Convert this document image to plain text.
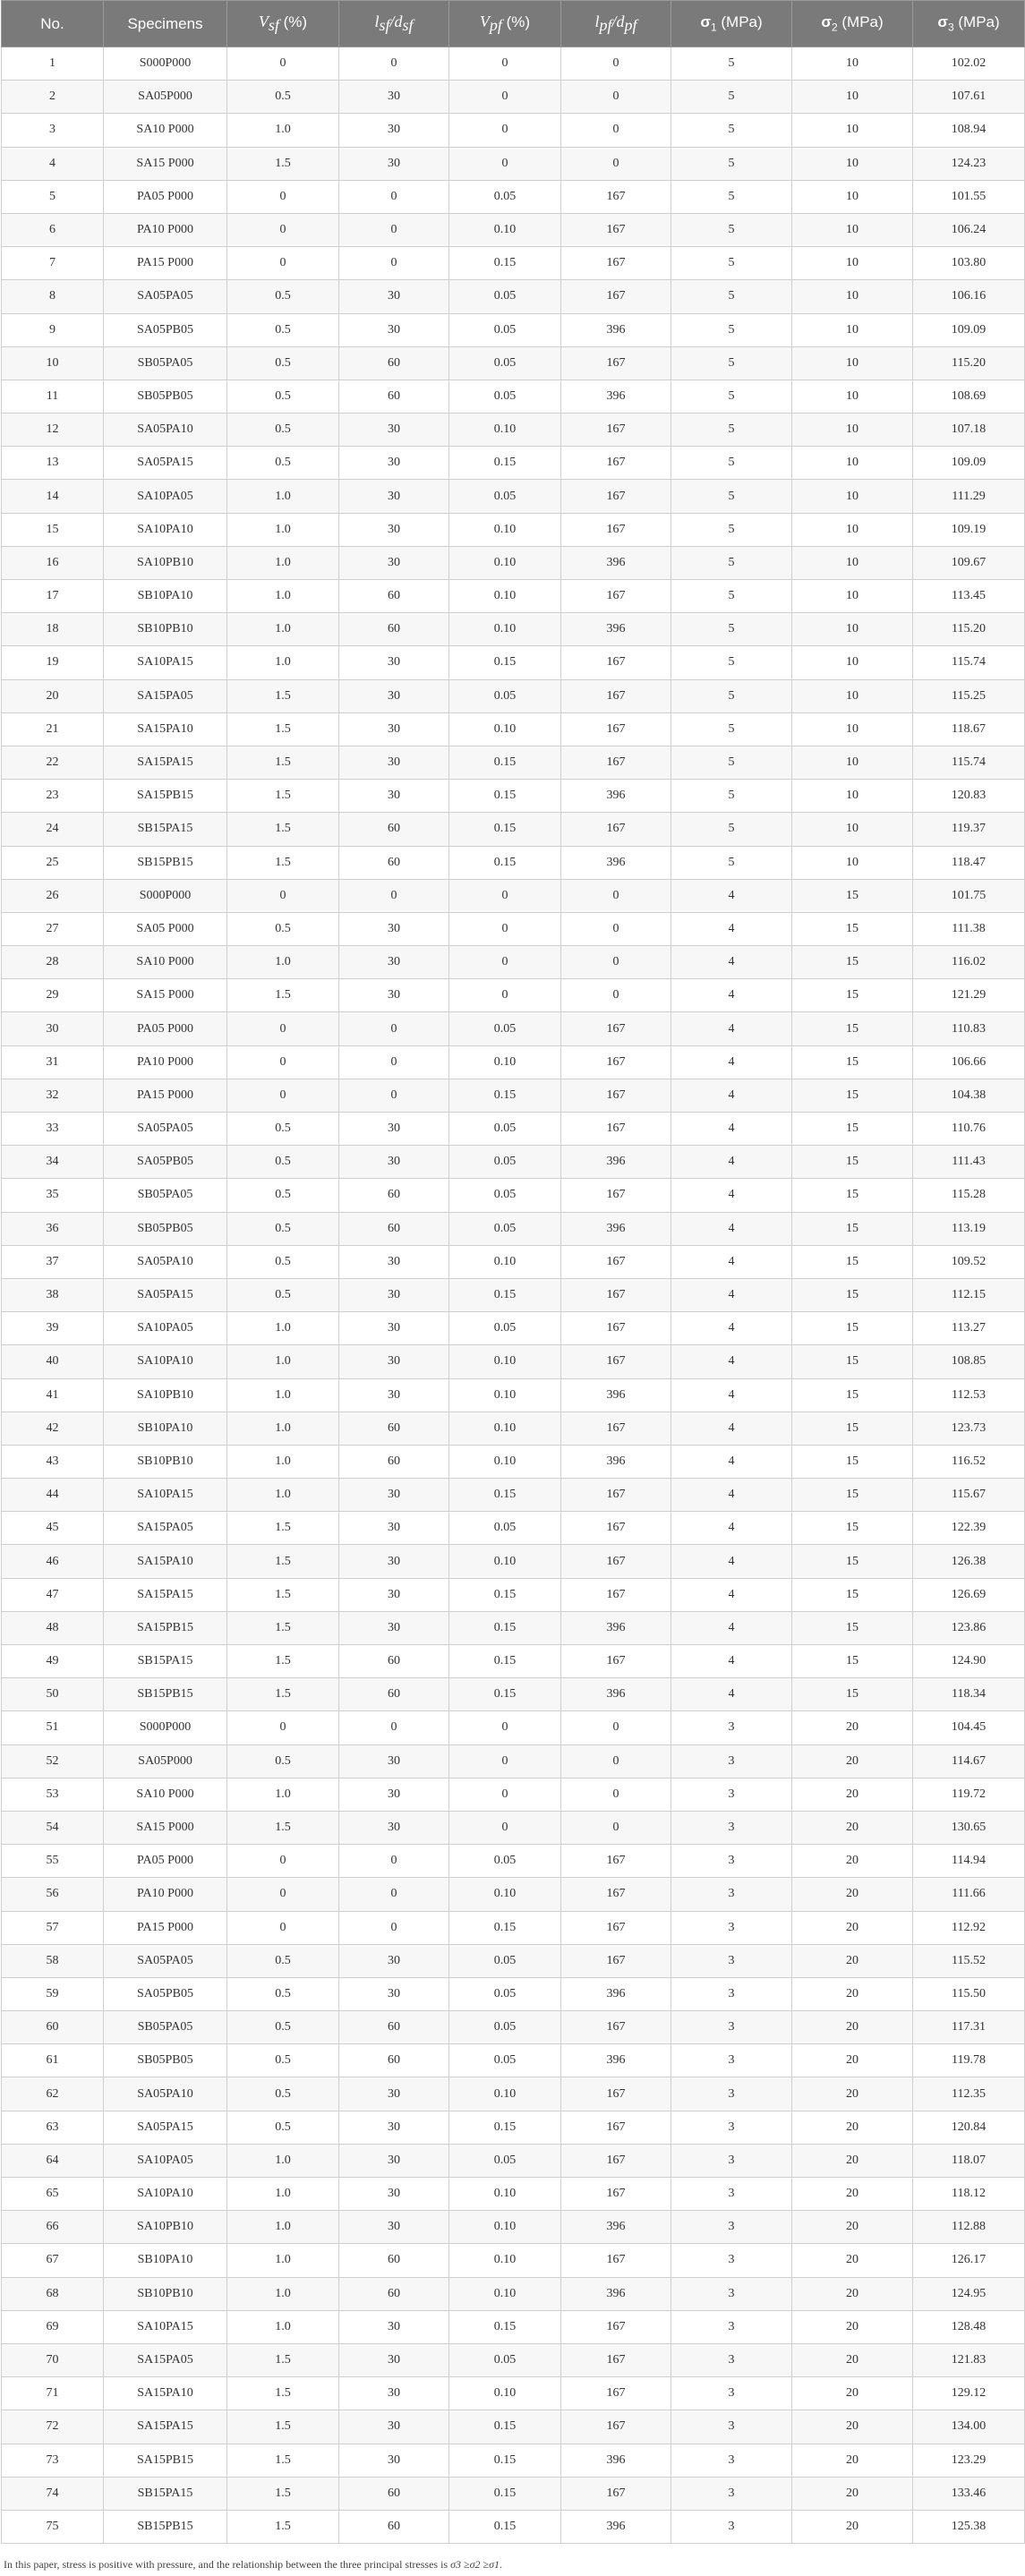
No.	Specimens	$V_{sf}$ (%)	$l_{sf}/d_{sf}$	$V_{pf}$ (%)	$l_{pf}/d_{pf}$	$\sigma_1$ (MPa)	$\sigma_2$ (MPa)	$\sigma_3$ (MPa)
1	S000P000	0	0	0	0	5	10	102.02
2	SA05P000	0.5	30	0	0	5	10	107.61
3	SA10 P000	1.0	30	0	0	5	10	108.94
4	SA15 P000	1.5	30	0	0	5	10	124.23
5	PA05 P000	0	0	0.05	167	5	10	101.55
6	PA10 P000	0	0	0.10	167	5	10	106.24
7	PA15 P000	0	0	0.15	167	5	10	103.80
8	SA05PA05	0.5	30	0.05	167	5	10	106.16
9	SA05PB05	0.5	30	0.05	396	5	10	109.09
10	SB05PA05	0.5	60	0.05	167	5	10	115.20
11	SB05PB05	0.5	60	0.05	396	5	10	108.69
12	SA05PA10	0.5	30	0.10	167	5	10	107.18
13	SA05PA15	0.5	30	0.15	167	5	10	109.09
14	SA10PA05	1.0	30	0.05	167	5	10	111.29
15	SA10PA10	1.0	30	0.10	167	5	10	109.19
16	SA10PB10	1.0	30	0.10	396	5	10	109.67
17	SB10PA10	1.0	60	0.10	167	5	10	113.45
18	SB10PB10	1.0	60	0.10	396	5	10	115.20
19	SA10PA15	1.0	30	0.15	167	5	10	115.74
20	SA15PA05	1.5	30	0.05	167	5	10	115.25
21	SA15PA10	1.5	30	0.10	167	5	10	118.67
22	SA15PA15	1.5	30	0.15	167	5	10	115.74
23	SA15PB15	1.5	30	0.15	396	5	10	120.83
24	SB15PA15	1.5	60	0.15	167	5	10	119.37
25	SB15PB15	1.5	60	0.15	396	5	10	118.47
26	S000P000	0	0	0	0	4	15	101.75
27	SA05 P000	0.5	30	0	0	4	15	111.38
28	SA10 P000	1.0	30	0	0	4	15	116.02
29	SA15 P000	1.5	30	0	0	4	15	121.29
30	PA05 P000	0	0	0.05	167	4	15	110.83
31	PA10 P000	0	0	0.10	167	4	15	106.66
32	PA15 P000	0	0	0.15	167	4	15	104.38
33	SA05PA05	0.5	30	0.05	167	4	15	110.76
34	SA05PB05	0.5	30	0.05	396	4	15	111.43
35	SB05PA05	0.5	60	0.05	167	4	15	115.28
36	SB05PB05	0.5	60	0.05	396	4	15	113.19
37	SA05PA10	0.5	30	0.10	167	4	15	109.52
38	SA05PA15	0.5	30	0.15	167	4	15	112.15
39	SA10PA05	1.0	30	0.05	167	4	15	113.27
40	SA10PA10	1.0	30	0.10	167	4	15	108.85
41	SA10PB10	1.0	30	0.10	396	4	15	112.53
42	SB10PA10	1.0	60	0.10	167	4	15	123.73
43	SB10PB10	1.0	60	0.10	396	4	15	116.52
44	SA10PA15	1.0	30	0.15	167	4	15	115.67
45	SA15PA05	1.5	30	0.05	167	4	15	122.39
46	SA15PA10	1.5	30	0.10	167	4	15	126.38
47	SA15PA15	1.5	30	0.15	167	4	15	126.69
48	SA15PB15	1.5	30	0.15	396	4	15	123.86
49	SB15PA15	1.5	60	0.15	167	4	15	124.90
50	SB15PB15	1.5	60	0.15	396	4	15	118.34
51	S000P000	0	0	0	0	3	20	104.45
52	SA05P000	0.5	30	0	0	3	20	114.67
53	SA10 P000	1.0	30	0	0	3	20	119.72
54	SA15 P000	1.5	30	0	0	3	20	130.65
55	PA05 P000	0	0	0.05	167	3	20	114.94
56	PA10 P000	0	0	0.10	167	3	20	111.66
57	PA15 P000	0	0	0.15	167	3	20	112.92
58	SA05PA05	0.5	30	0.05	167	3	20	115.52
59	SA05PB05	0.5	30	0.05	396	3	20	115.50
60	SB05PA05	0.5	60	0.05	167	3	20	117.31
61	SB05PB05	0.5	60	0.05	396	3	20	119.78
62	SA05PA10	0.5	30	0.10	167	3	20	112.35
63	SA05PA15	0.5	30	0.15	167	3	20	120.84
64	SA10PA05	1.0	30	0.05	167	3	20	118.07
65	SA10PA10	1.0	30	0.10	167	3	20	118.12
66	SA10PB10	1.0	30	0.10	396	3	20	112.88
67	SB10PA10	1.0	60	0.10	167	3	20	126.17
68	SB10PB10	1.0	60	0.10	396	3	20	124.95
69	SA10PA15	1.0	30	0.15	167	3	20	128.48
70	SA15PA05	1.5	30	0.05	167	3	20	121.83
71	SA15PA10	1.5	30	0.10	167	3	20	129.12
72	SA15PA15	1.5	30	0.15	167	3	20	134.00
73	SA15PB15	1.5	30	0.15	396	3	20	123.29
74	SB15PA15	1.5	60	0.15	167	3	20	133.46
75	SB15PB15	1.5	60	0.15	396	3	20	125.38
In this paper, stress is positive with pressure, and the relationship between the three principal stresses is σ3 ≥σ2 ≥σ1.
